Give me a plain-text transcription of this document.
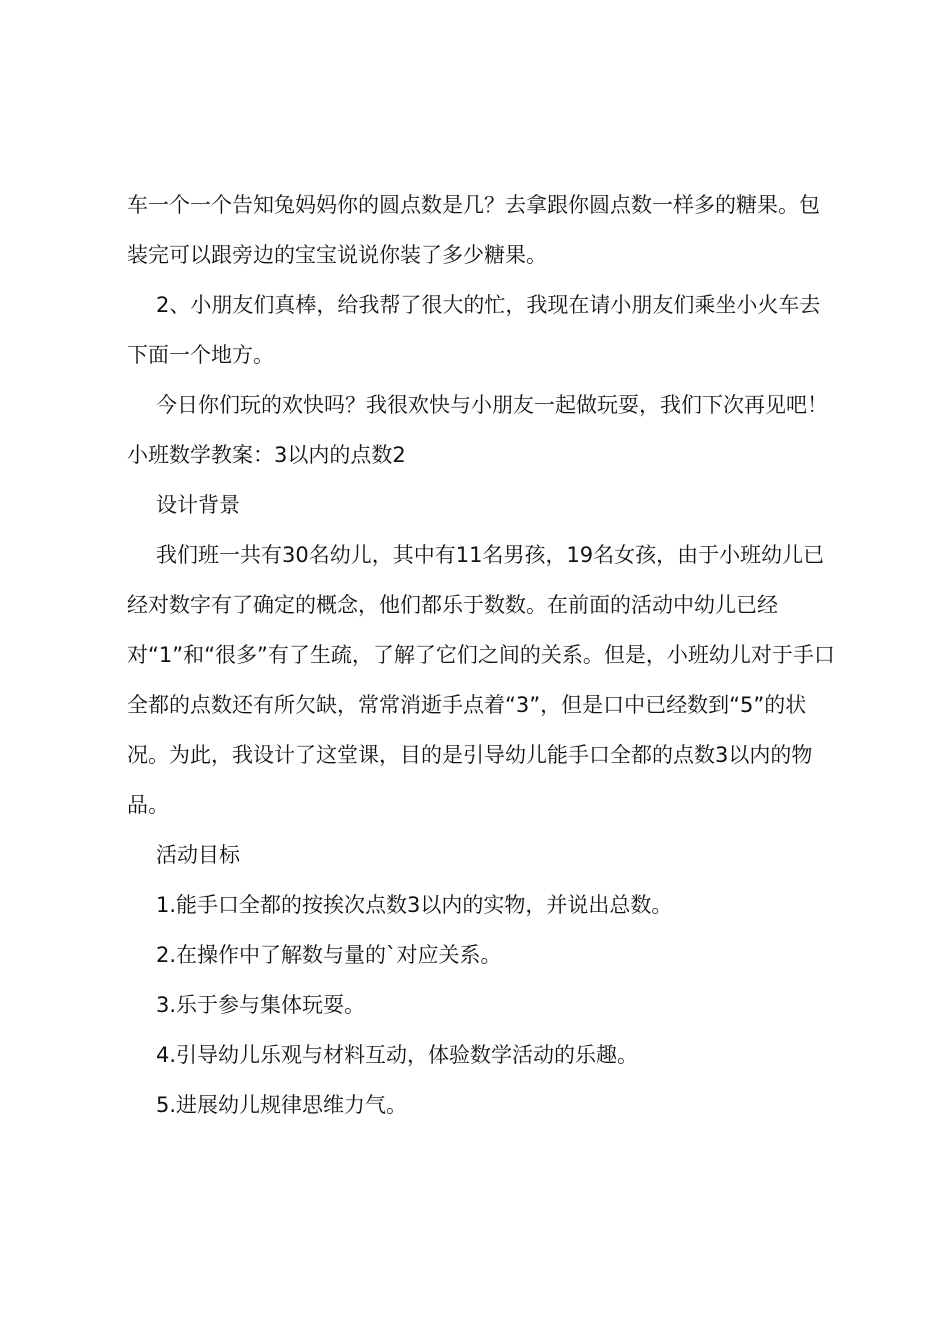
车一个一个告知兔妈妈你的圆点数是几？去拿跟你圆点数一样多的糖果。包装完可以跟旁边的宝宝说说你装了多少糖果。

2、小朋友们真棒，给我帮了很大的忙，我现在请小朋友们乘坐小火车去下面一个地方。

今日你们玩的欢快吗？我很欢快与小朋友一起做玩耍，我们下次再见吧！

小班数学教案：3以内的点数2

设计背景

我们班一共有30名幼儿，其中有11名男孩，19名女孩，由于小班幼儿已经对数字有了确定的概念，他们都乐于数数。在前面的活动中幼儿已经对“1”和“很多”有了生疏，了解了它们之间的关系。但是，小班幼儿对于手口全都的点数还有所欠缺，常常消逝手点着“3”，但是口中已经数到“5”的状况。为此，我设计了这堂课，目的是引导幼儿能手口全都的点数3以内的物品。

活动目标

1.能手口全都的按挨次点数3以内的实物，并说出总数。

2.在操作中了解数与量的`对应关系。

3.乐于参与集体玩耍。

4.引导幼儿乐观与材料互动，体验数学活动的乐趣。

5.进展幼儿规律思维力气。
